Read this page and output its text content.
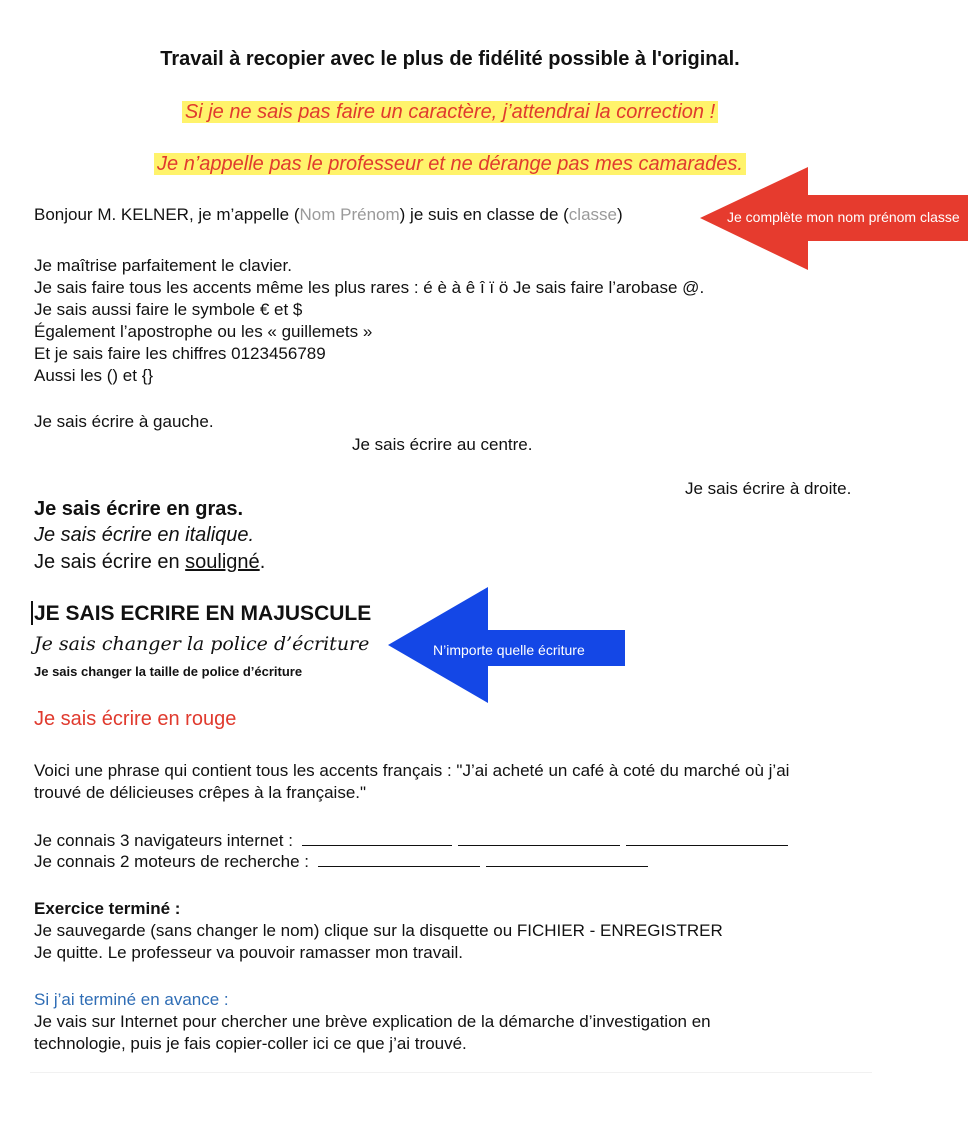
Travail à recopier avec le plus de fidélité possible à l'original.
Si je ne sais pas faire un caractère, j’attendrai la correction !
Je n’appelle pas le professeur et ne dérange pas mes camarades.
Bonjour M. KELNER, je m’appelle (Nom Prénom) je suis en classe de (classe)	Je complète mon nom prénom classe
Je maîtrise parfaitement le clavier.
Je sais faire tous les accents même les plus rares : é è à ê î ï ö Je sais faire l’arobase @.
Je sais aussi faire le symbole € et $
Également l’apostrophe ou les « guillemets »
Et je sais faire les chiffres 0123456789
Aussi les () et {}
Je sais écrire à gauche.
Je sais écrire au centre.
Je sais écrire à droite.
Je sais écrire en gras.
Je sais écrire en italique.
Je sais écrire en souligné.
JE SAIS ECRIRE EN MAJUSCULE
Je sais changer la police d’écriture
Je sais changer la taille de police d’écriture
Je sais écrire en rouge
N’importe quelle écriture
Voici une phrase qui contient tous les accents français : "J’ai acheté un café à coté du marché où j’ai
trouvé de délicieuses crêpes à la française."
Je connais 3 navigateurs internet :
Je connais 2 moteurs de recherche :
Exercice terminé :
Je sauvegarde (sans changer le nom) clique sur la disquette ou FICHIER - ENREGISTRER
Je quitte. Le professeur va pouvoir ramasser mon travail.
Si j’ai terminé en avance :
Je vais sur Internet pour chercher une brève explication de la démarche d’investigation en
technologie, puis je fais copier-coller ici ce que j’ai trouvé.
